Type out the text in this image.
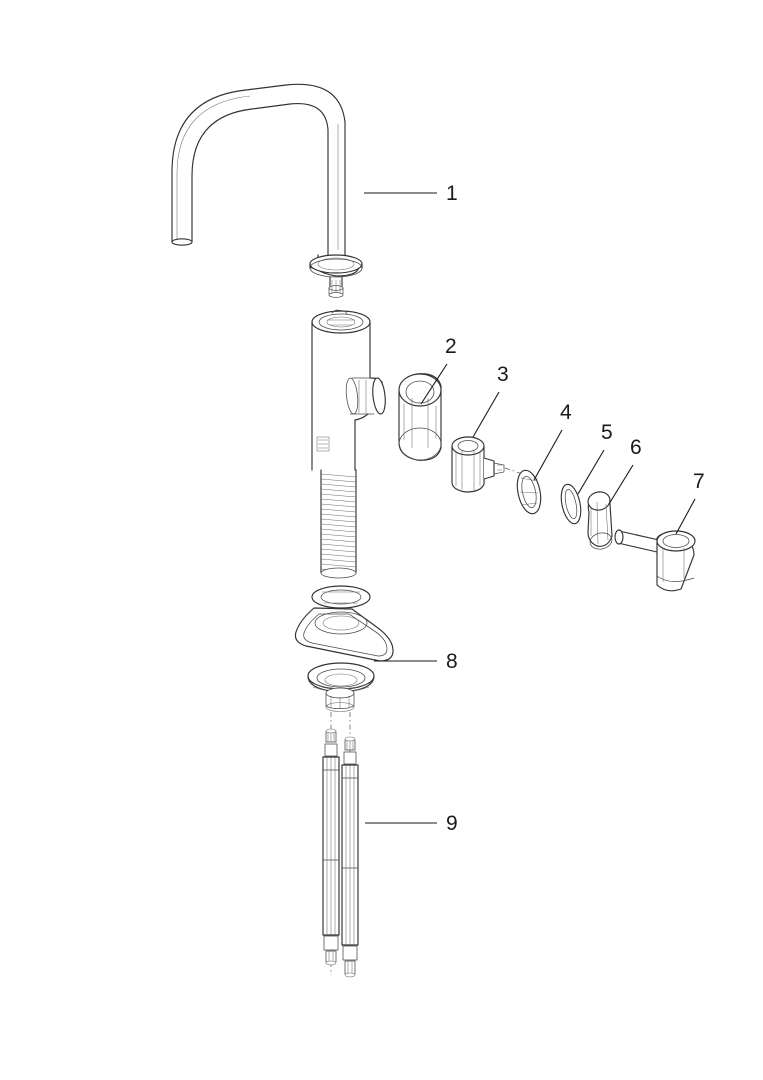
1
2
3
4
5
6
7
8
9
